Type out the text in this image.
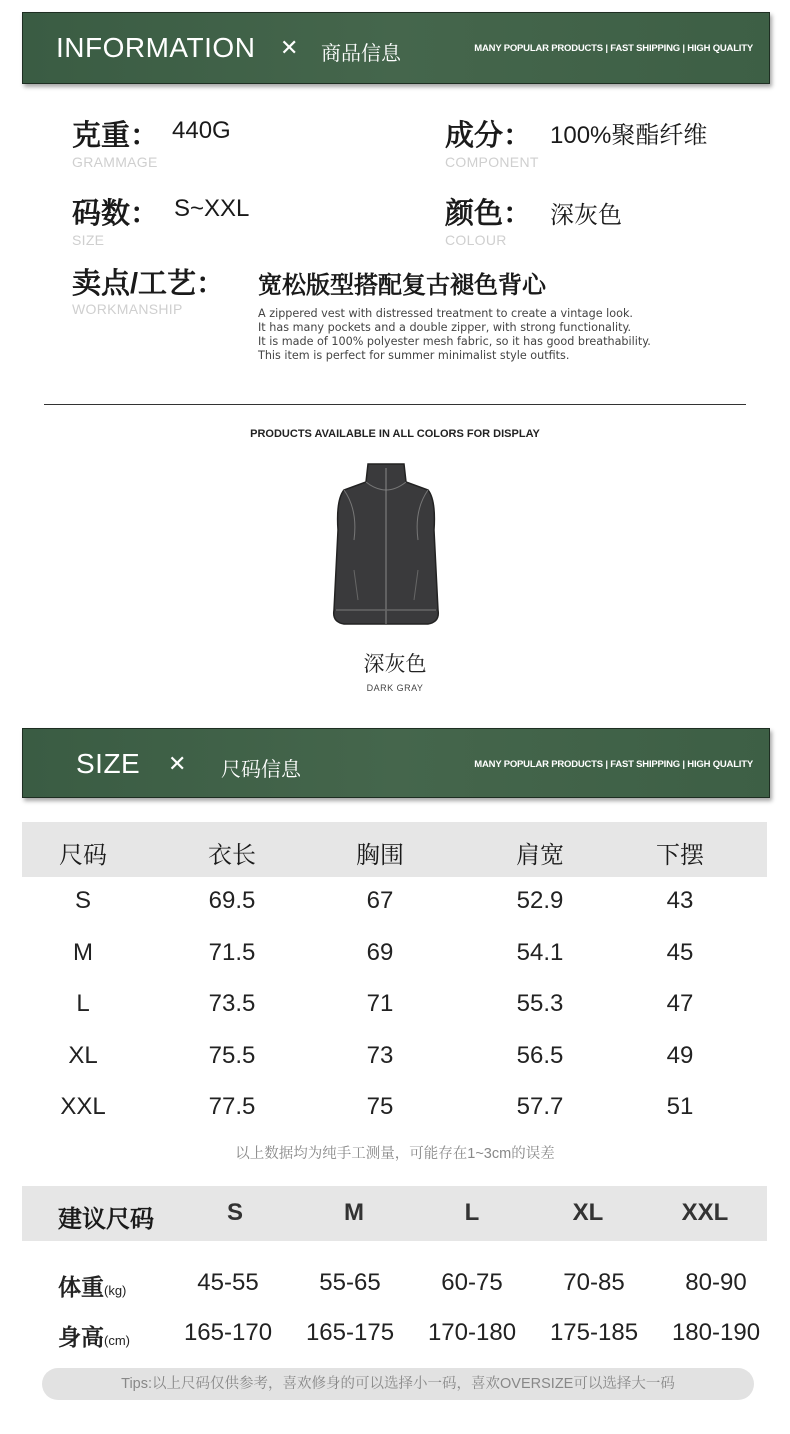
INFORMATION ✕ 商品信息	MANY POPULAR PRODUCTS | FAST SHIPPING | HIGH QUALITY
克重： 440G
GRAMMAGE
成分： 100%聚酯纤维
COMPONENT
码数： S~XXL
SIZE
颜色： 深灰色
COLOUR
卖点/工艺： 宽松版型搭配复古褪色背心
WORKMANSHIP	A zippered vest with distressed treatment to create a vintage look.
It has many pockets and a double zipper, with strong functionality.
It is made of 100% polyester mesh fabric, so it has good breathability.
This item is perfect for summer minimalist style outfits.
PRODUCTS AVAILABLE IN ALL COLORS FOR DISPLAY
深灰色
DARK GRAY
SIZE ✕ 尺码信息	MANY POPULAR PRODUCTS | FAST SHIPPING | HIGH QUALITY
尺码	衣长	胸围	肩宽	下摆
S	69.5	67	52.9	43
M	71.5	69	54.1	45
L	73.5	71	55.3	47
XL	75.5	73	56.5	49
XXL	77.5	75	57.7	51
以上数据均为纯手工测量，可能存在1~3cm的误差
建议尺码	S	M	L	XL	XXL
体重(kg)	45-55	55-65	60-75	70-85	80-90
身高(cm) 165-170 165-175 170-180 175-185 180-190
Tips:以上尺码仅供参考，喜欢修身的可以选择小一码，喜欢OVERSIZE可以选择大一码
